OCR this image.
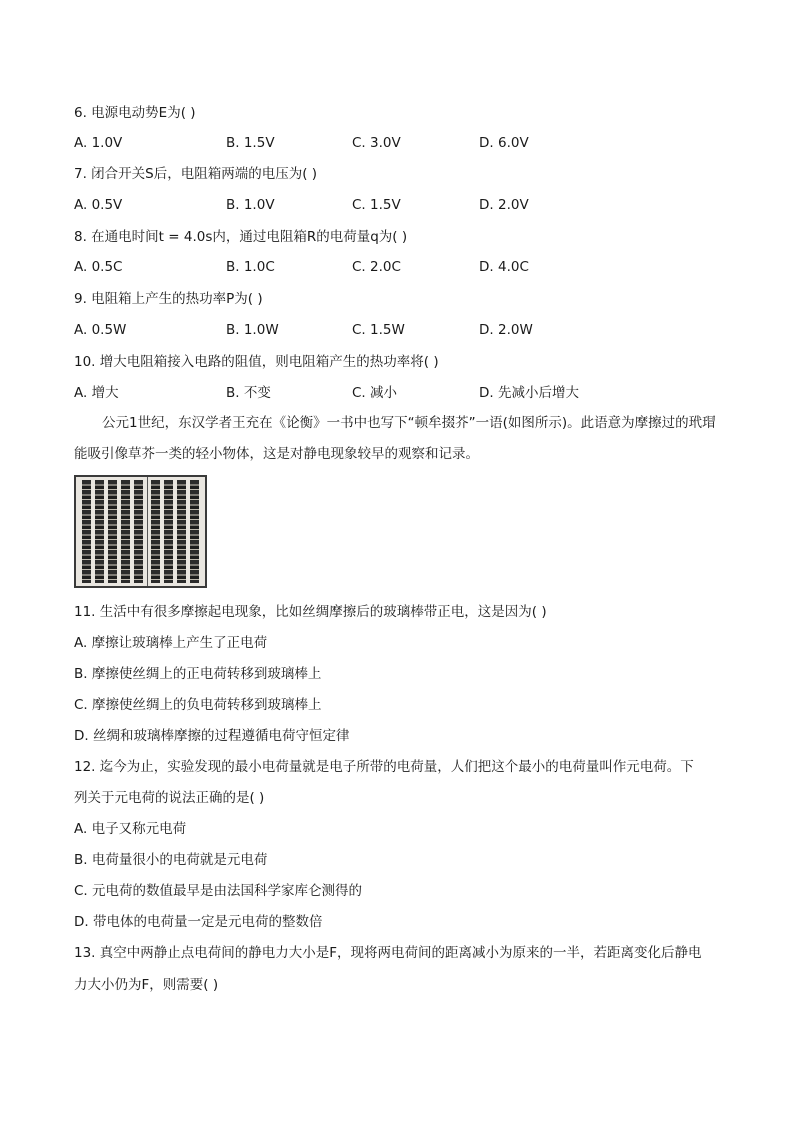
6. 电源电动势E为( )
A. 1.0V	B. 1.5V	C. 3.0V	D. 6.0V
7. 闭合开关S后，电阻箱两端的电压为( )
A. 0.5V	B. 1.0V	C. 1.5V	D. 2.0V
8. 在通电时间t = 4.0s内，通过电阻箱R的电荷量q为( )
A. 0.5C	B. 1.0C	C. 2.0C	D. 4.0C
9. 电阻箱上产生的热功率P为( )
A. 0.5W	B. 1.0W	C. 1.5W	D. 2.0W
10. 增大电阻箱接入电路的阻值，则电阻箱产生的热功率将( )
A. 增大	B. 不变	C. 减小	D. 先减小后增大
公元1世纪，东汉学者王充在《论衡》一书中也写下“顿牟掇芥”一语(如图所示)。此语意为摩擦过的玳瑁能吸引像草芥一类的轻小物体，这是对静电现象较早的观察和记录。
11. 生活中有很多摩擦起电现象，比如丝绸摩擦后的玻璃棒带正电，这是因为( )
A. 摩擦让玻璃棒上产生了正电荷
B. 摩擦使丝绸上的正电荷转移到玻璃棒上
C. 摩擦使丝绸上的负电荷转移到玻璃棒上
D. 丝绸和玻璃棒摩擦的过程遵循电荷守恒定律
12. 迄今为止，实验发现的最小电荷量就是电子所带的电荷量，人们把这个最小的电荷量叫作元电荷。下
列关于元电荷的说法正确的是( )
A. 电子又称元电荷
B. 电荷量很小的电荷就是元电荷
C. 元电荷的数值最早是由法国科学家库仑测得的
D. 带电体的电荷量一定是元电荷的整数倍
13. 真空中两静止点电荷间的静电力大小是F，现将两电荷间的距离减小为原来的一半，若距离变化后静电
力大小仍为F，则需要( )
